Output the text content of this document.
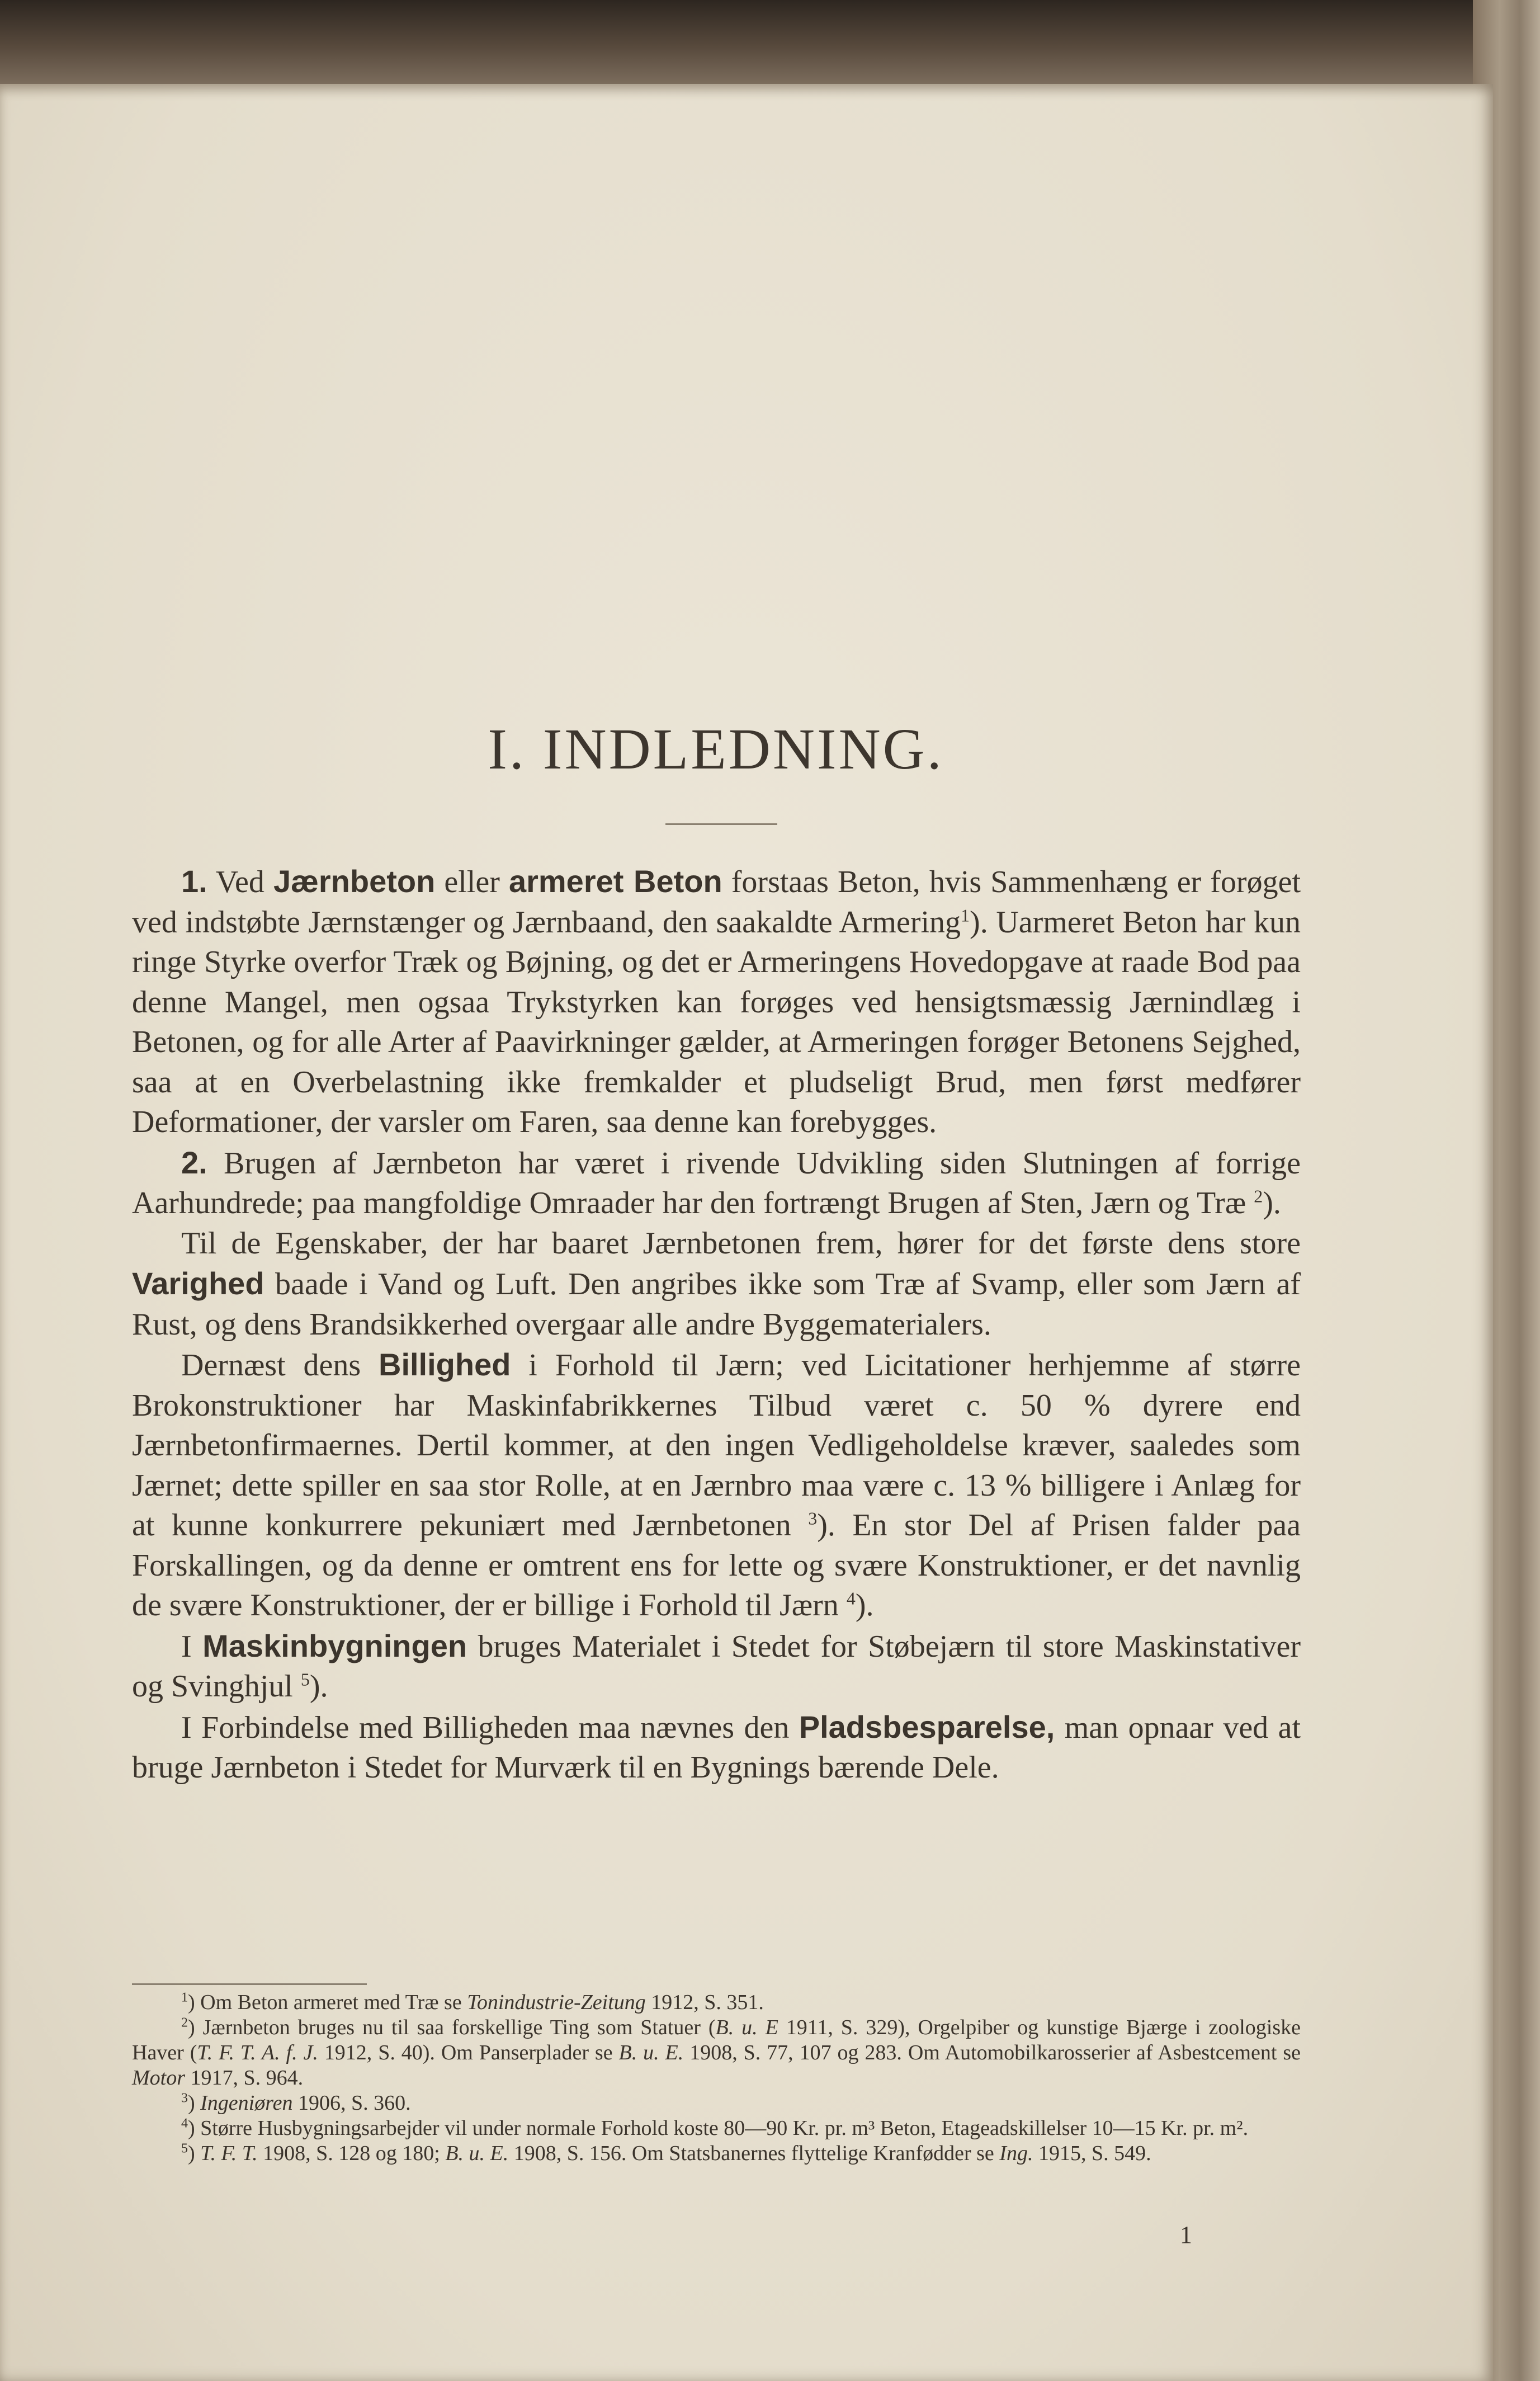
I. INDLEDNING.

1. Ved Jærnbeton eller armeret Beton forstaas Beton, hvis Sammenhæng er forøget ved indstøbte Jærnstænger og Jærnbaand, den saakaldte Armering$^1$). Uarmeret Beton har kun ringe Styrke overfor Træk og Bøjning, og det er Armeringens Hovedopgave at raade Bod paa denne Mangel, men ogsaa Trykstyrken kan forøges ved hensigtsmæssig Jærnindlæg i Betonen, og for alle Arter af Paavirkninger gælder, at Armeringen forøger Betonens Sejghed, saa at en Overbelastning ikke fremkalder et pludseligt Brud, men først medfører Deformationer, der varsler om Faren, saa denne kan forebygges.

2. Brugen af Jærnbeton har været i rivende Udvikling siden Slutningen af forrige Aarhundrede; paa mangfoldige Omraader har den fortrængt Brugen af Sten, Jærn og Træ $^2$).

Til de Egenskaber, der har baaret Jærnbetonen frem, hører for det første dens store Varighed baade i Vand og Luft. Den angribes ikke som Træ af Svamp, eller som Jærn af Rust, og dens Brandsikkerhed overgaar alle andre Byggematerialers.

Dernæst dens Billighed i Forhold til Jærn; ved Licitationer herhjemme af større Brokonstruktioner har Maskinfabrikkernes Tilbud været c. 50 % dyrere end Jærnbetonfirmaernes. Dertil kommer, at den ingen Vedligeholdelse kræver, saaledes som Jærnet; dette spiller en saa stor Rolle, at en Jærnbro maa være c. 13 % billigere i Anlæg for at kunne konkurrere pekuniært med Jærnbetonen $^3$). En stor Del af Prisen falder paa Forskallingen, og da denne er omtrent ens for lette og svære Konstruktioner, er det navnlig de svære Konstruktioner, der er billige i Forhold til Jærn $^4$).

I Maskinbygningen bruges Materialet i Stedet for Støbejærn til store Maskinstativer og Svinghjul $^5$).

I Forbindelse med Billigheden maa nævnes den Pladsbesparelse, man opnaar ved at bruge Jærnbeton i Stedet for Murværk til en Bygnings bærende Dele.

$^1$) Om Beton armeret med Træ se Tonindustrie-Zeitung 1912, S. 351.

$^2$) Jærnbeton bruges nu til saa forskellige Ting som Statuer (B. u. E 1911, S. 329), Orgelpiber og kunstige Bjærge i zoologiske Haver (T. F. T. A. f. J. 1912, S. 40). Om Panserplader se B. u. E. 1908, S. 77, 107 og 283. Om Automobilkarosserier af Asbestcement se Motor 1917, S. 964.

$^3$) Ingeniøren 1906, S. 360.

$^4$) Større Husbygningsarbejder vil under normale Forhold koste 80—90 Kr. pr. m³ Beton, Etageadskillelser 10—15 Kr. pr. m².

$^5$) T. F. T. 1908, S. 128 og 180; B. u. E. 1908, S. 156. Om Statsbanernes flyttelige Kranfødder se Ing. 1915, S. 549.

1
